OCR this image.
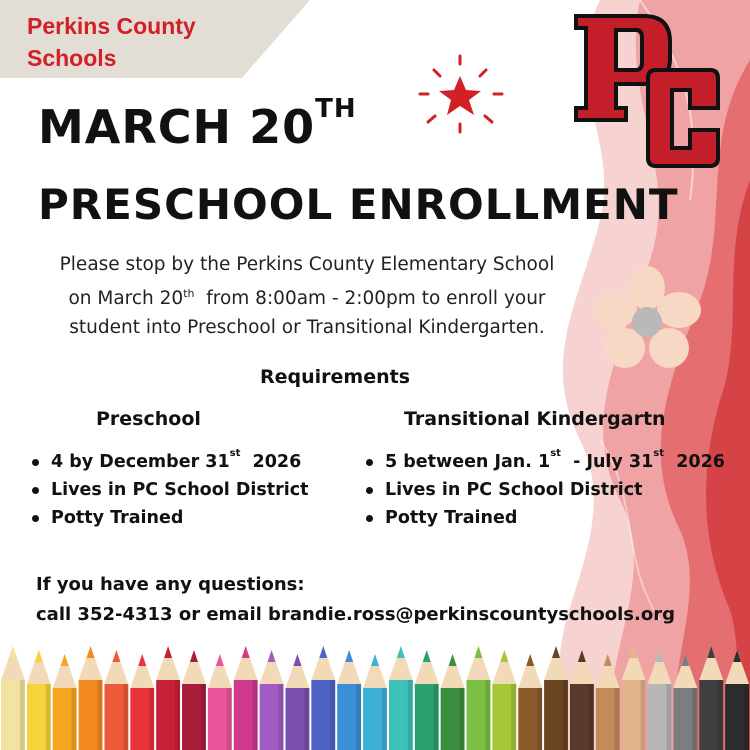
Perkins County Schools
MARCH 20TH
PRESCHOOL ENROLLMENT
Please stop by the Perkins County Elementary School
on March 20th  from 8:00am - 2:00pm to enroll your
student into Preschool or Transitional Kindergarten.
Requirements
Preschool	Transitional Kindergartn
4 by December 31st  2026
Lives in PC School District
Potty Trained
5 between Jan. 1st  - July 31st  2026
Lives in PC School District
Potty Trained
If you have any questions:
call 352-4313 or email brandie.ross@perkinscountyschools.org
